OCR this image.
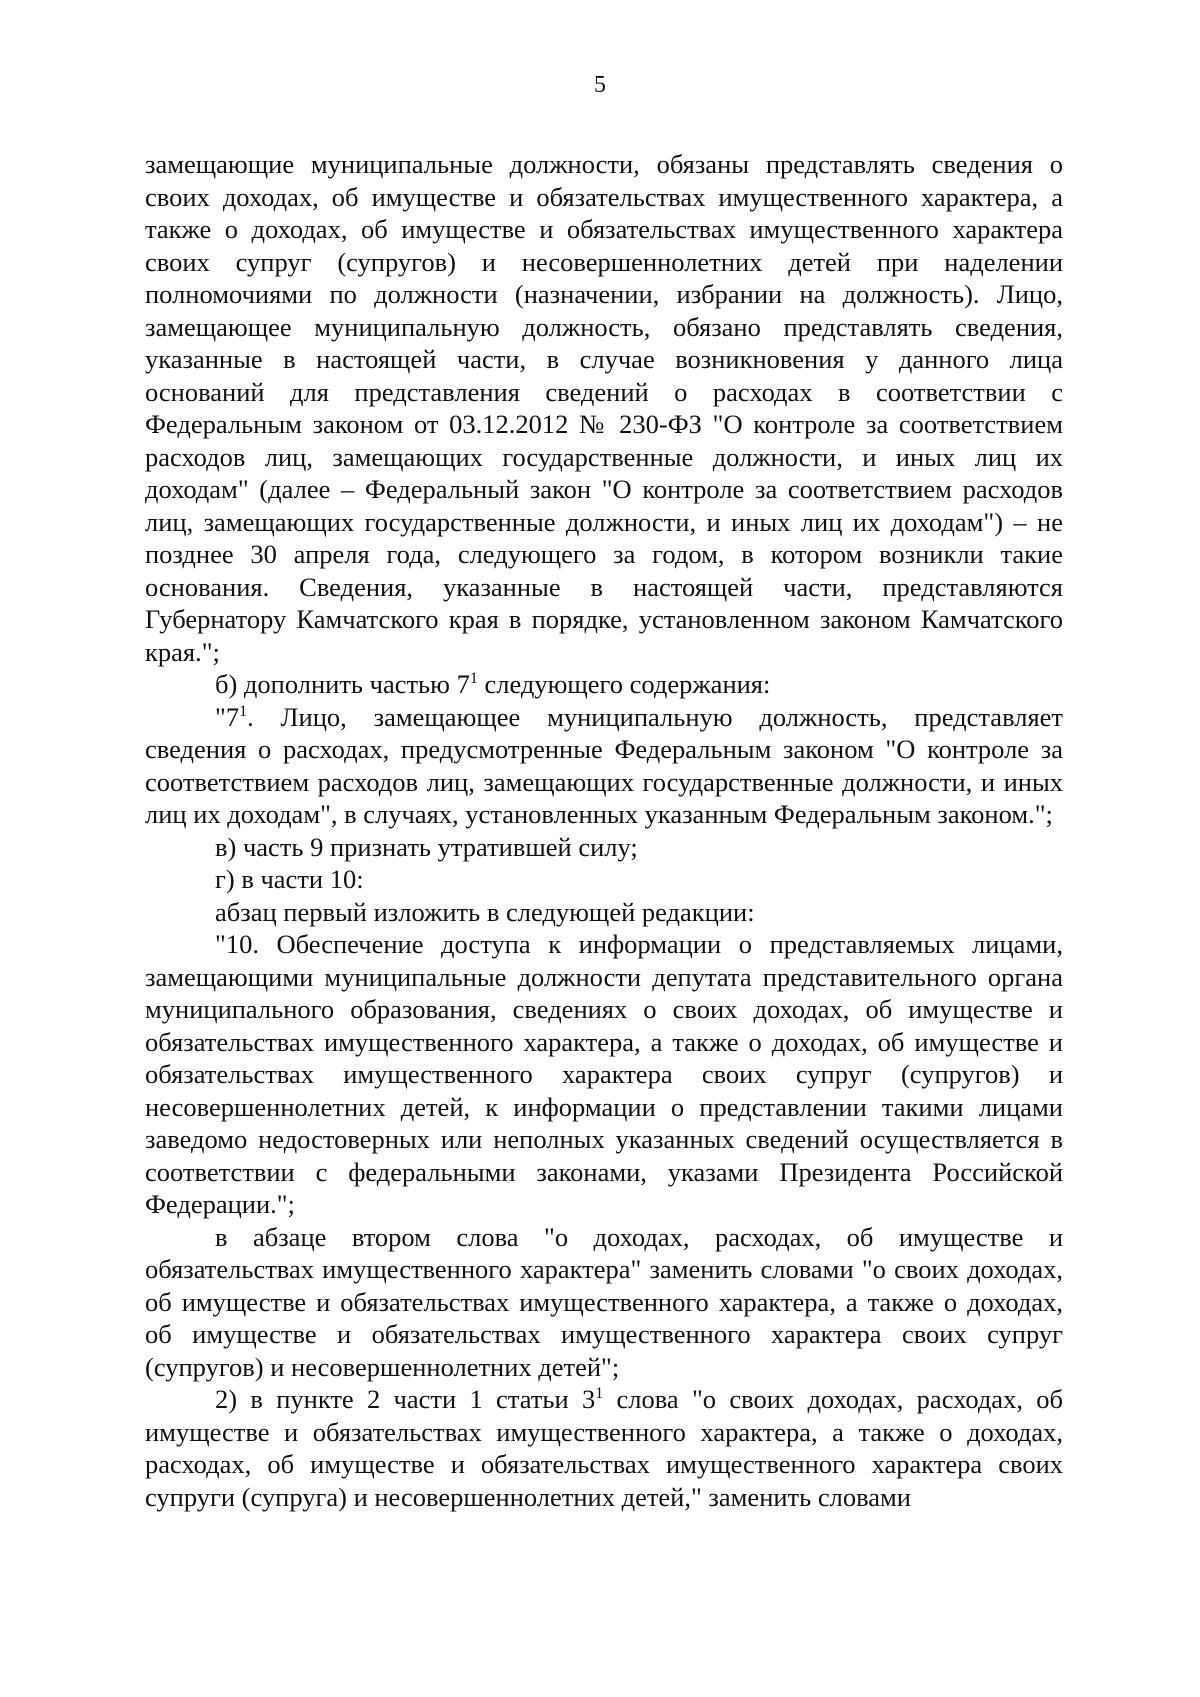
5

замещающие муниципальные должности, обязаны представлять сведения о своих доходах, об имуществе и обязательствах имущественного характера, а также о доходах, об имуществе и обязательствах имущественного характера своих супруг (супругов) и несовершеннолетних детей при наделении полномочиями по должности (назначении, избрании на должность). Лицо, замещающее муниципальную должность, обязано представлять сведения, указанные в настоящей части, в случае возникновения у данного лица оснований для представления сведений о расходах в соответствии с Федеральным законом от 03.12.2012 № 230-ФЗ "О контроле за соответствием расходов лиц, замещающих государственные должности, и иных лиц их доходам" (далее – Федеральный закон "О контроле за соответствием расходов лиц, замещающих государственные должности, и иных лиц их доходам") – не позднее 30 апреля года, следующего за годом, в котором возникли такие основания. Сведения, указанные в настоящей части, представляются Губернатору Камчатского края в порядке, установленном законом Камчатского края.";

б) дополнить частью $7^1$ следующего содержания:

"$7^1$. Лицо, замещающее муниципальную должность, представляет сведения о расходах, предусмотренные Федеральным законом "О контроле за соответствием расходов лиц, замещающих государственные должности, и иных лиц их доходам", в случаях, установленных указанным Федеральным законом.";

в) часть 9 признать утратившей силу;

г) в части 10:

абзац первый изложить в следующей редакции:

"10. Обеспечение доступа к информации о представляемых лицами, замещающими муниципальные должности депутата представительного органа муниципального образования, сведениях о своих доходах, об имуществе и обязательствах имущественного характера, а также о доходах, об имуществе и обязательствах имущественного характера своих супруг (супругов) и несовершеннолетних детей, к информации о представлении такими лицами заведомо недостоверных или неполных указанных сведений осуществляется в соответствии с федеральными законами, указами Президента Российской Федерации.";

в абзаце втором слова "о доходах, расходах, об имуществе и обязательствах имущественного характера" заменить словами "о своих доходах, об имуществе и обязательствах имущественного характера, а также о доходах, об имуществе и обязательствах имущественного характера своих супруг (супругов) и несовершеннолетних детей";

2) в пункте 2 части 1 статьи $3^1$ слова "о своих доходах, расходах, об имуществе и обязательствах имущественного характера, а также о доходах, расходах, об имуществе и обязательствах имущественного характера своих супруги (супруга) и несовершеннолетних детей," заменить словами
